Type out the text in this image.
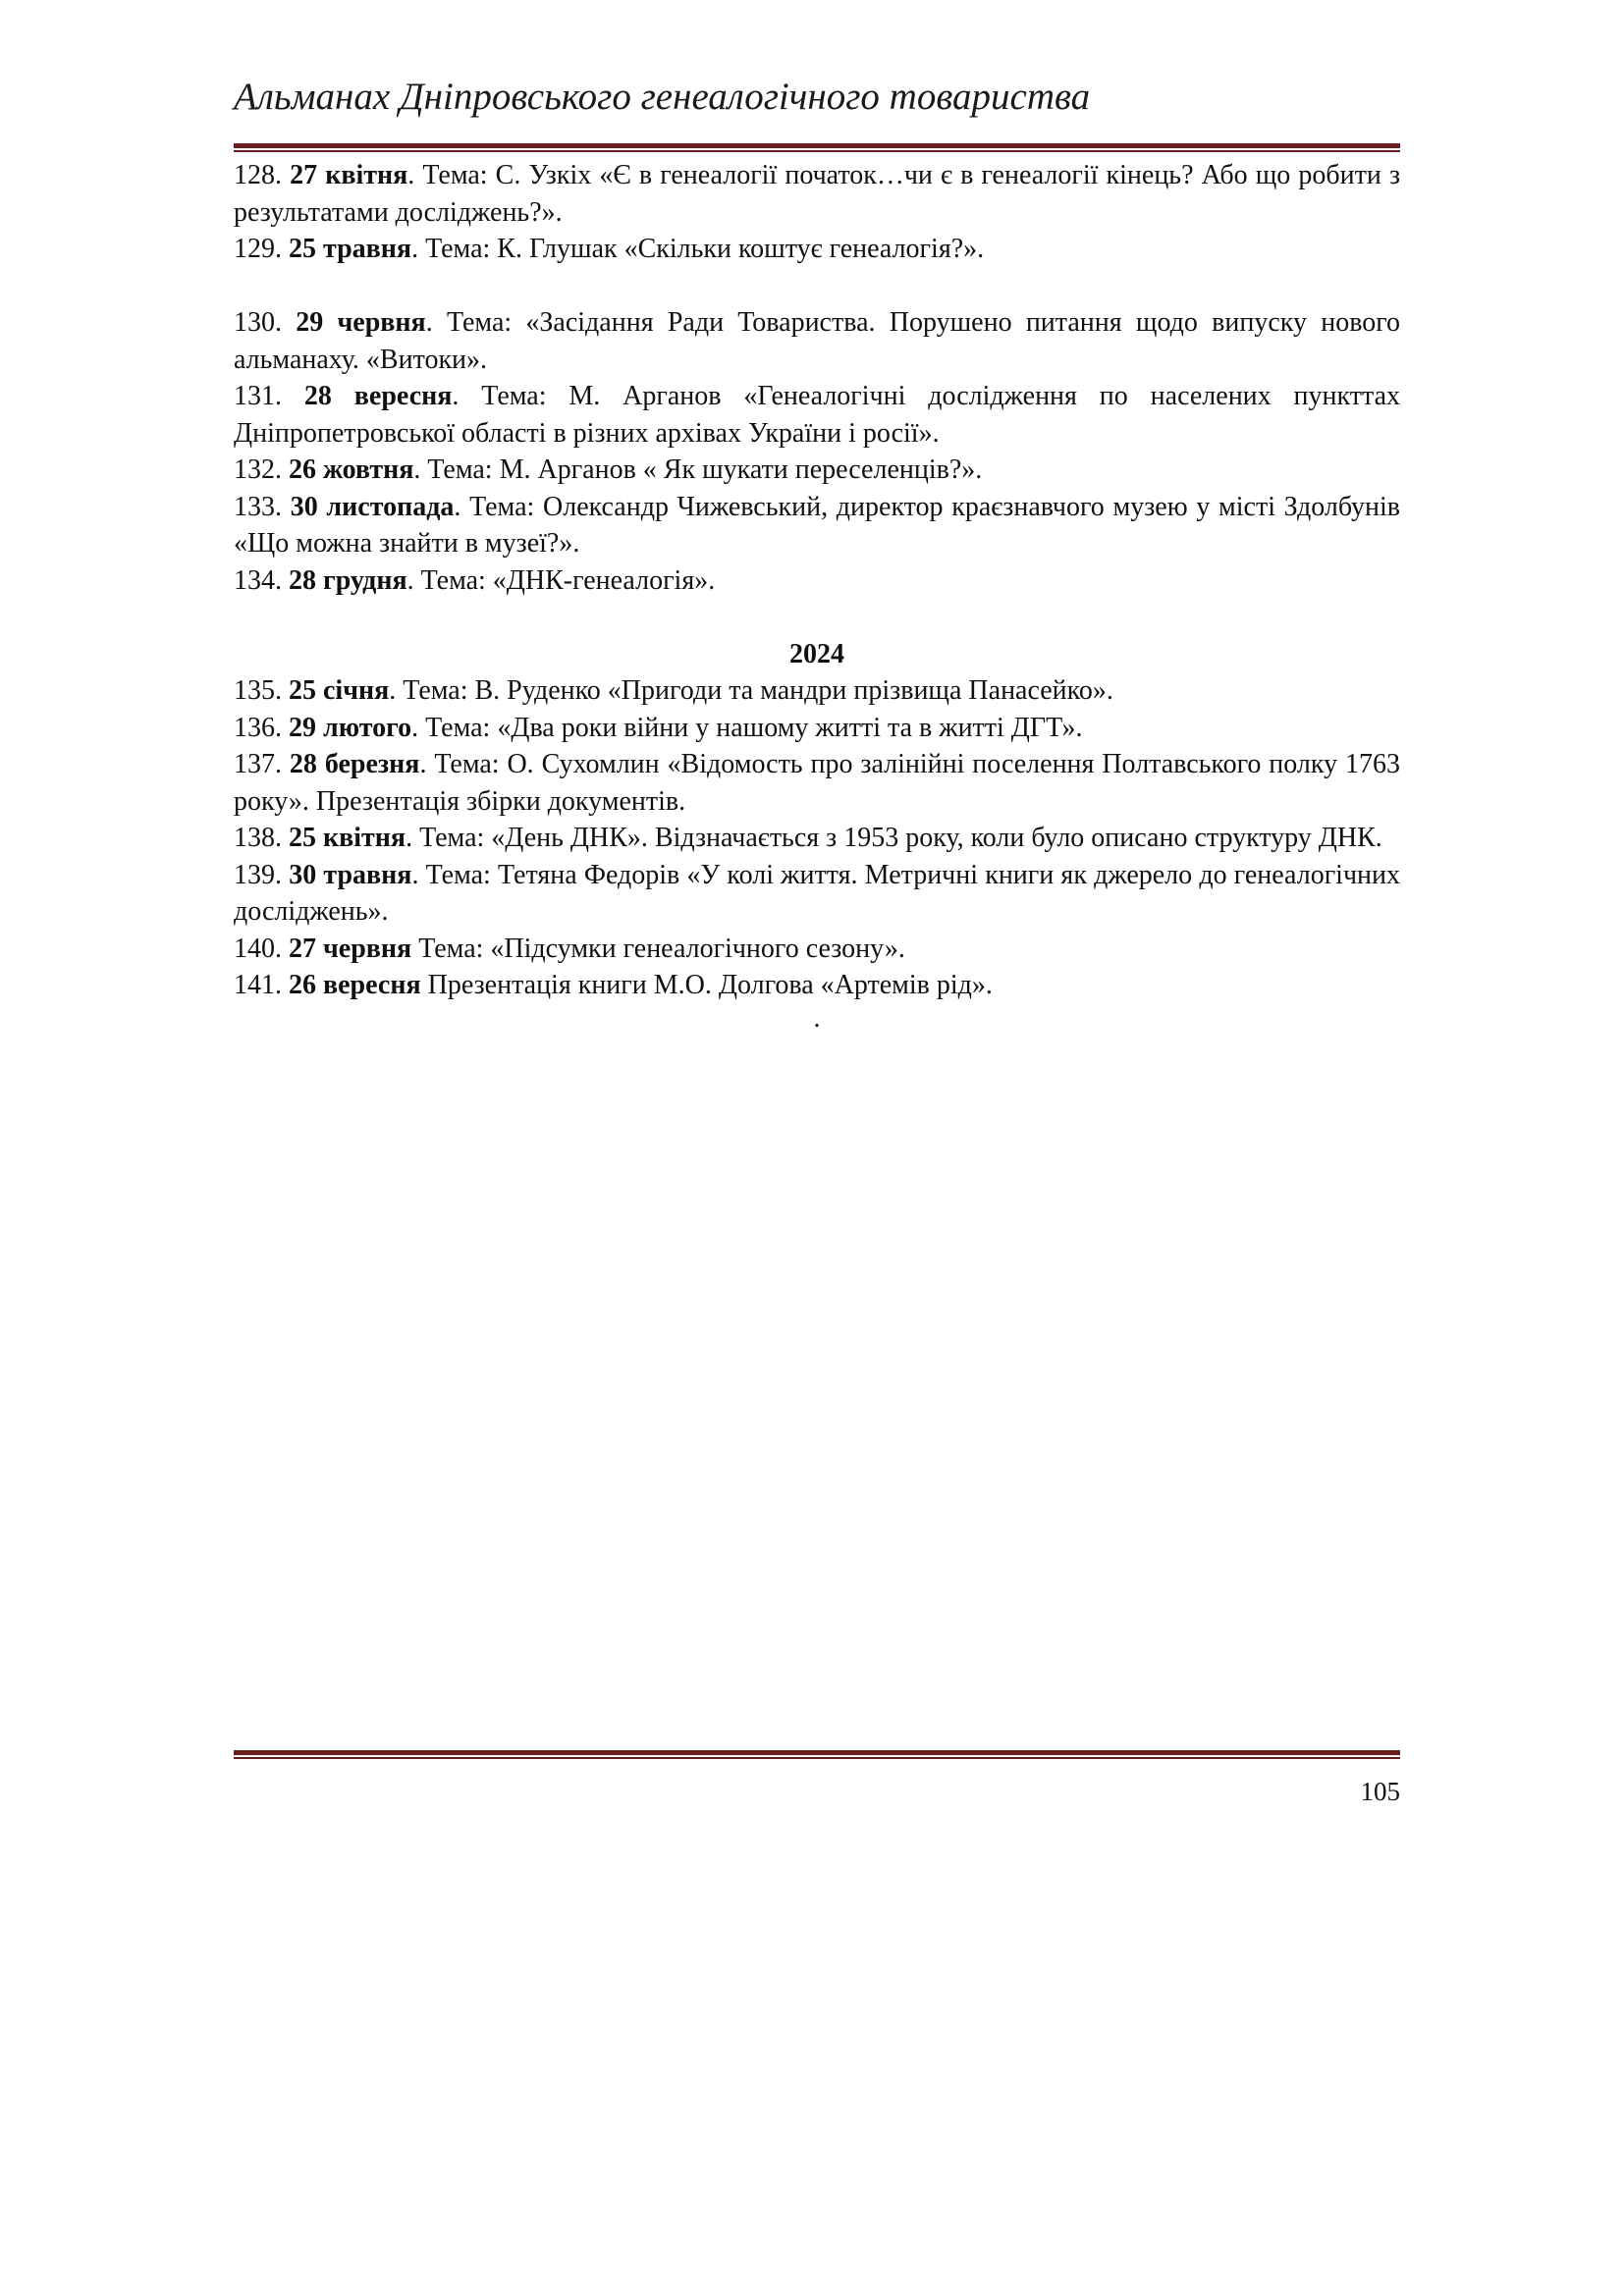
Альманах Дніпровського генеалогічного товариства

128. 27 квітня. Тема: С. Узкіх «Є в генеалогії початок…чи є в генеалогії кінець? Або що робити з результатами досліджень?».

129. 25 травня. Тема: К. Глушак «Скільки коштує генеалогія?».

130. 29 червня. Тема: «Засідання Ради Товариства. Порушено питання щодо випуску нового альманаху. «Витоки».

131. 28 вересня. Тема: М. Арганов «Генеалогічні дослідження по населених пункттах Дніпропетровської області в різних архівах України і росії».

132. 26 жовтня. Тема: М. Арганов « Як шукати переселенців?».

133. 30 листопада. Тема: Олександр Чижевський, директор краєзнавчого музею у місті Здолбунів «Що можна знайти в музеї?».

134. 28 грудня. Тема: «ДНК-генеалогія».

2024

135. 25 січня. Тема: В. Руденко «Пригоди та мандри прізвища Панасейко».

136. 29 лютого. Тема: «Два роки війни у нашому житті та в житті ДГТ».

137. 28 березня. Тема: О. Сухомлин «Відомость про залінійні поселення Полтавського полку 1763 року». Презентація збірки документів.

138. 25 квітня. Тема: «День ДНК». Відзначається з 1953 року, коли було описано структуру ДНК.

139. 30 травня. Тема: Тетяна Федорів «У колі життя. Метричні книги як джерело до генеалогічних досліджень».

140. 27 червня Тема: «Підсумки генеалогічного сезону».

141. 26 вересня Презентація книги М.О. Долгова «Артемів рід».

.

105
